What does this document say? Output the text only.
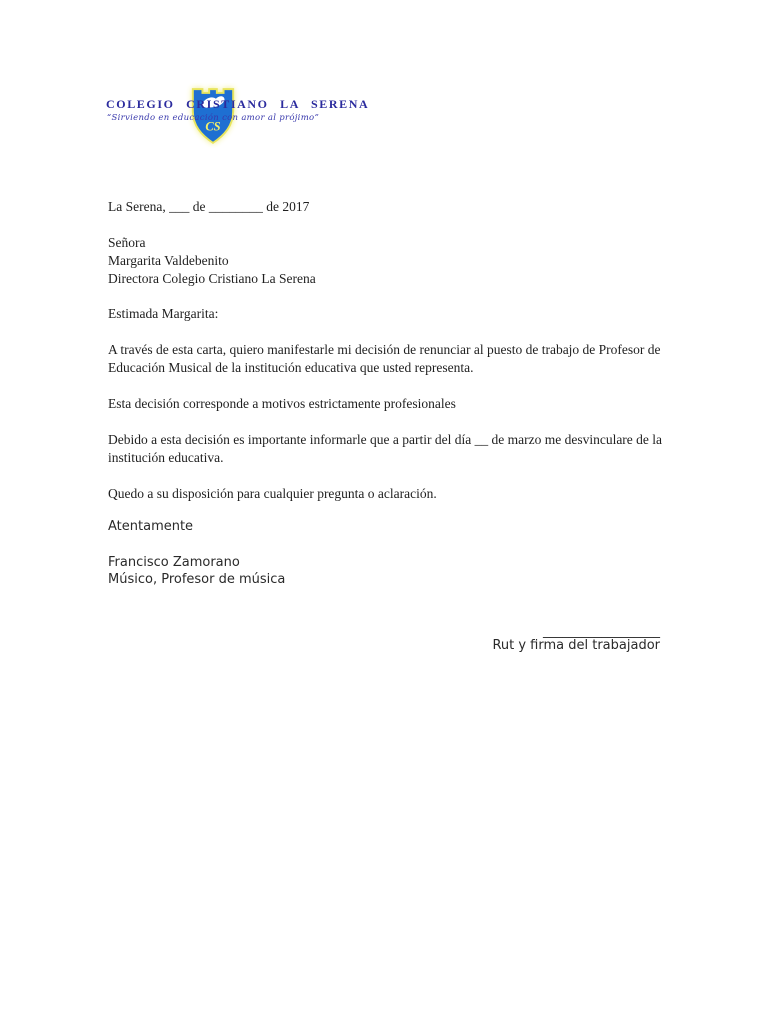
CS
COLEGIO CRISTIANO LA SERENA
“Sirviendo en educación con amor al prójimo”
La Serena, ___ de ________ de 2017
Señora
Margarita Valdebenito
Directora Colegio Cristiano La Serena
Estimada Margarita:
A través de esta carta, quiero manifestarle mi decisión de renunciar al puesto de trabajo de Profesor de Educación Musical de la institución educativa que usted representa.
Esta decisión corresponde a motivos estrictamente profesionales
Debido a esta decisión es importante informarle que a partir del día __ de marzo me desvinculare de la institución educativa.
Quedo a su disposición para cualquier pregunta o aclaración.
Atentamente
Francisco Zamorano
Músico, Profesor de música
__________________
Rut y firma del trabajador
